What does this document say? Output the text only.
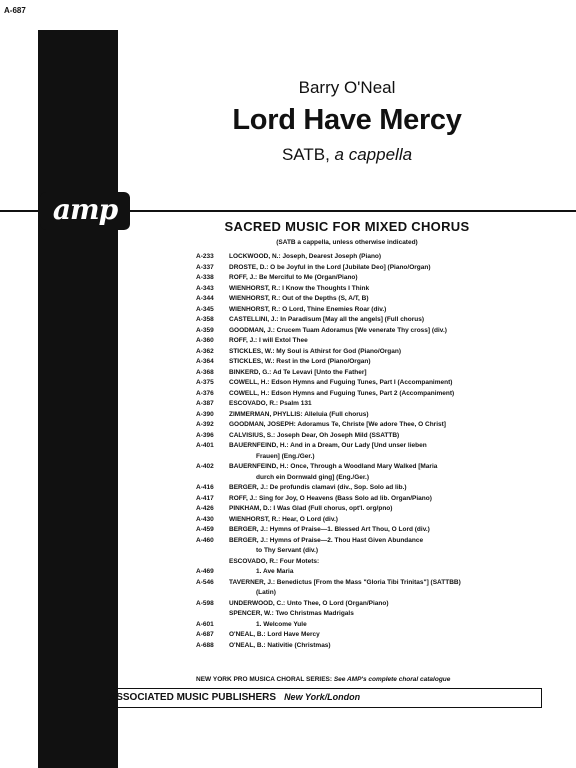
A-687
amp
Barry O'Neal
Lord Have Mercy
SATB, a cappella
SACRED MUSIC FOR MIXED CHORUS
(SATB a cappella, unless otherwise indicated)
A-233	LOCKWOOD, N.: Joseph, Dearest Joseph (Piano)
A-337	DROSTE, D.: O be Joyful in the Lord [Jubilate Deo] (Piano/Organ)
A-338	ROFF, J.: Be Merciful to Me (Organ/Piano)
A-343	WIENHORST, R.: I Know the Thoughts I Think
A-344	WIENHORST, R.: Out of the Depths (S, A/T, B)
A-345	WIENHORST, R.: O Lord, Thine Enemies Roar (div.)
A-358	CASTELLINI, J.: In Paradisum [May all the angels] (Full chorus)
A-359	GOODMAN, J.: Crucem Tuam Adoramus [We venerate Thy cross] (div.)
A-360	ROFF, J.: I will Extol Thee
A-362	STICKLES, W.: My Soul is Athirst for God (Piano/Organ)
A-364	STICKLES, W.: Rest in the Lord (Piano/Organ)
A-368	BINKERD, G.: Ad Te Levavi [Unto the Father]
A-375	COWELL, H.: Edson Hymns and Fuguing Tunes, Part I (Accompaniment)
A-376	COWELL, H.: Edson Hymns and Fuguing Tunes, Part 2 (Accompaniment)
A-387	ESCOVADO, R.: Psalm 131
A-390	ZIMMERMAN, PHYLLIS: Alleluia (Full chorus)
A-392	GOODMAN, JOSEPH: Adoramus Te, Christe [We adore Thee, O Christ]
A-396	CALVISIUS, S.: Joseph Dear, Oh Joseph Mild (SSATTB)
A-401	BAUERNFEIND, H.: And in a Dream, Our Lady [Und unser lieben
Frauen] (Eng./Ger.)
A-402	BAUERNFEIND, H.: Once, Through a Woodland Mary Walked [Maria
durch ein Dornwald ging] (Eng./Ger.)
A-416	BERGER, J.: De profundis clamavi (div., Sop. Solo ad lib.)
A-417	ROFF, J.: Sing for Joy, O Heavens (Bass Solo ad lib. Organ/Piano)
A-426	PINKHAM, D.: I Was Glad (Full chorus, opt'l. org/pno)
A-430	WIENHORST, R.: Hear, O Lord (div.)
A-459	BERGER, J.: Hymns of Praise—1. Blessed Art Thou, O Lord (div.)
A-460	BERGER, J.: Hymns of Praise—2. Thou Hast Given Abundance
to Thy Servant (div.)
ESCOVADO, R.: Four Motets:
A-469	1. Ave Maria
A-546	TAVERNER, J.: Benedictus [From the Mass "Gloria Tibi Trinitas"] (SATTBB)
(Latin)
A-598	UNDERWOOD, C.: Unto Thee, O Lord (Organ/Piano)
SPENCER, W.: Two Christmas Madrigals
A-601	1. Welcome Yule
A-687	O'NEAL, B.: Lord Have Mercy
A-688	O'NEAL, B.: Nativitie (Christmas)
NEW YORK PRO MUSICA CHORAL SERIES: See AMP's complete choral catalogue
ASSOCIATED MUSIC PUBLISHERS New York/London
